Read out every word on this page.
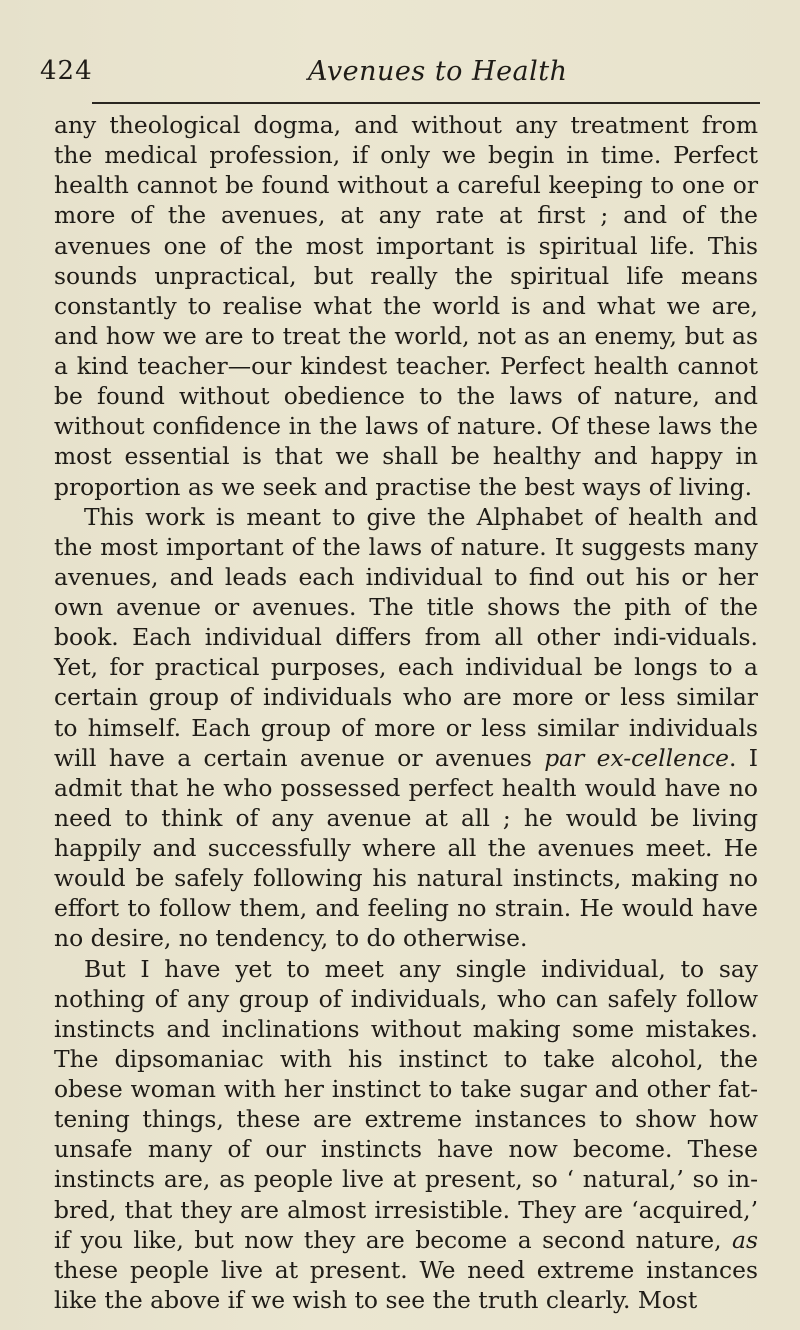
424	Avenues to Health

any theological dogma, and without any treatment from the medical profession, if only we begin in time. Perfect health cannot be found without a careful keeping to one or more of the avenues, at any rate at first ; and of the avenues one of the most important is spiritual life. This sounds unpractical, but really the spiritual life means constantly to realise what the world is and what we are, and how we are to treat the world, not as an enemy, but as a kind teacher—our kindest teacher. Perfect health cannot be found without obedience to the laws of nature, and without confidence in the laws of nature. Of these laws the most essential is that we shall be healthy and happy in proportion as we seek and practise the best ways of living.

This work is meant to give the Alphabet of health and the most important of the laws of nature. It suggests many avenues, and leads each individual to find out his or her own avenue or avenues. The title shows the pith of the book. Each individual differs from all other indi-viduals. Yet, for practical purposes, each individual be longs to a certain group of individuals who are more or less similar to himself. Each group of more or less similar individuals will have a certain avenue or avenues par ex-cellence. I admit that he who possessed perfect health would have no need to think of any avenue at all ; he would be living happily and successfully where all the avenues meet. He would be safely following his natural instincts, making no effort to follow them, and feeling no strain. He would have no desire, no tendency, to do otherwise.

But I have yet to meet any single individual, to say nothing of any group of individuals, who can safely follow instincts and inclinations without making some mistakes. The dipsomaniac with his instinct to take alcohol, the obese woman with her instinct to take sugar and other fat-tening things, these are extreme instances to show how unsafe many of our instincts have now become. These instincts are, as people live at present, so ‘ natural,’ so in-bred, that they are almost irresistible. They are ‘acquired,’ if you like, but now they are become a second nature, as these people live at present. We need extreme instances like the above if we wish to see the truth clearly. Most
